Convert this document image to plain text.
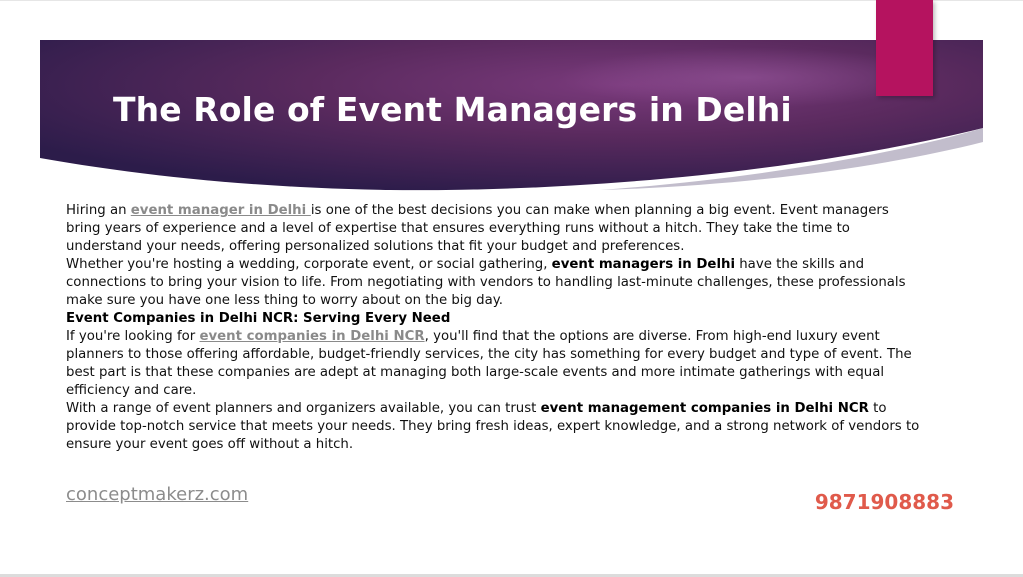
The Role of Event Managers in Delhi

Hiring an event manager in Delhi is one of the best decisions you can make when planning a big event. Event managers bring years of experience and a level of expertise that ensures everything runs without a hitch. They take the time to understand your needs, offering personalized solutions that fit your budget and preferences.

Whether you're hosting a wedding, corporate event, or social gathering, event managers in Delhi have the skills and connections to bring your vision to life. From negotiating with vendors to handling last-minute challenges, these professionals make sure you have one less thing to worry about on the big day.

Event Companies in Delhi NCR: Serving Every Need

If you're looking for event companies in Delhi NCR, you'll find that the options are diverse. From high-end luxury event planners to those offering affordable, budget-friendly services, the city has something for every budget and type of event. The best part is that these companies are adept at managing both large-scale events and more intimate gatherings with equal efficiency and care.

With a range of event planners and organizers available, you can trust event management companies in Delhi NCR to provide top-notch service that meets your needs. They bring fresh ideas, expert knowledge, and a strong network of vendors to ensure your event goes off without a hitch.

conceptmakerz.com	9871908883
